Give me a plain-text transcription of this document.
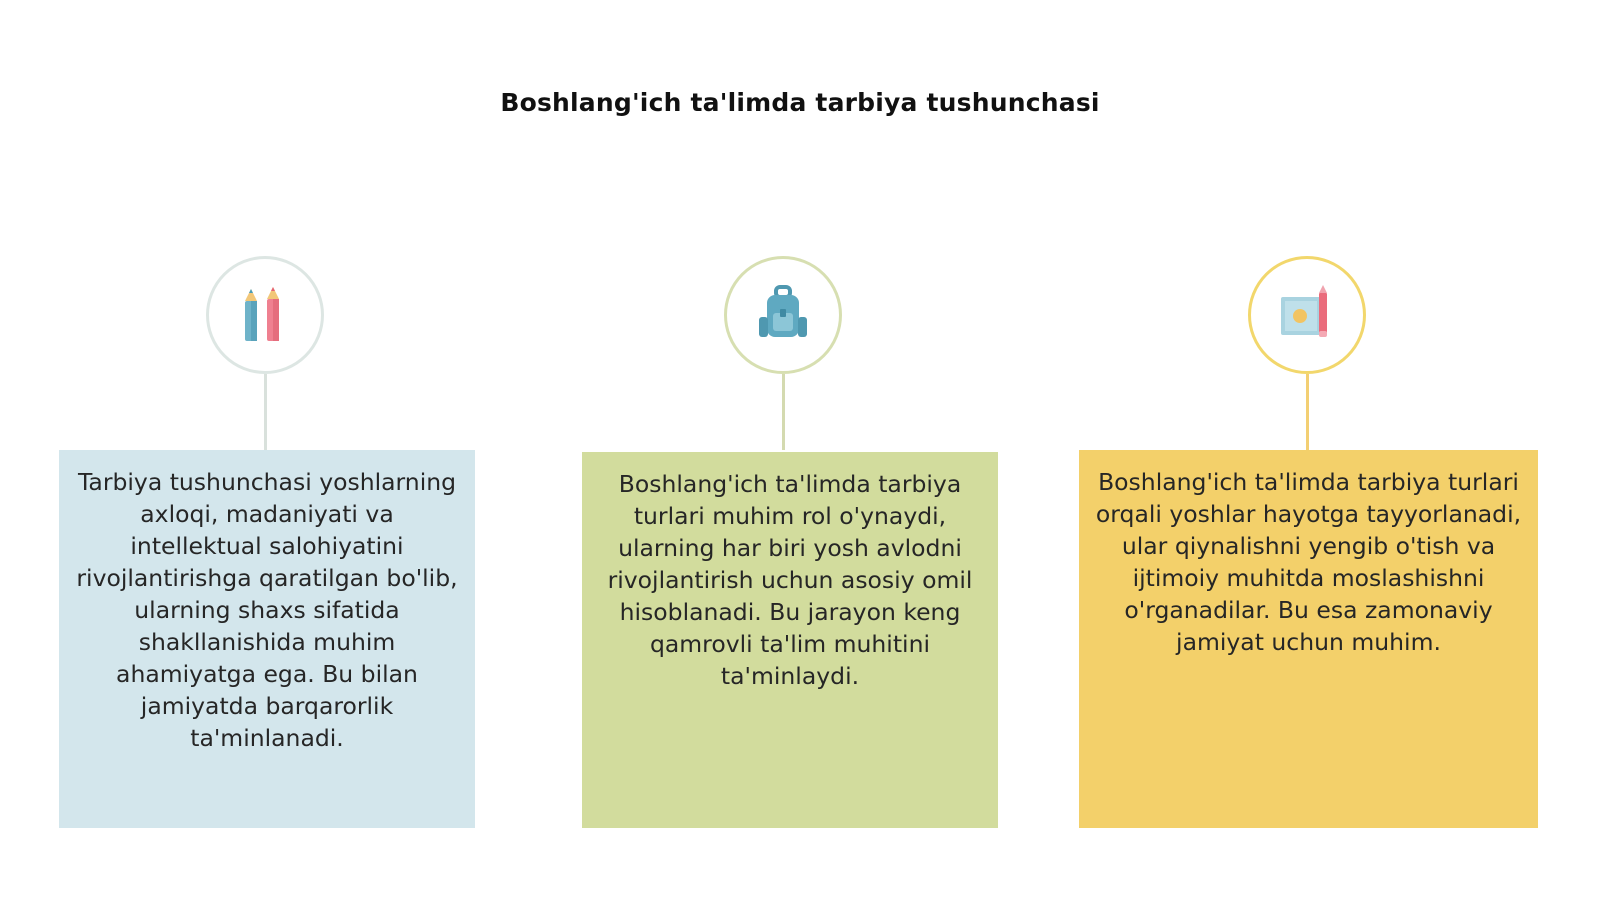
Boshlang'ich ta'limda tarbiya tushunchasi
Tarbiya tushunchasi yoshlarning axloqi, madaniyati va intellektual salohiyatini rivojlantirishga qaratilgan bo'lib, ularning shaxs sifatida shakllanishida muhim ahamiyatga ega. Bu bilan jamiyatda barqarorlik ta'minlanadi.
Boshlang'ich ta'limda tarbiya turlari muhim rol o'ynaydi, ularning har biri yosh avlodni rivojlantirish uchun asosiy omil hisoblanadi. Bu jarayon keng qamrovli ta'lim muhitini ta'minlaydi.
Boshlang'ich ta'limda tarbiya turlari orqali yoshlar hayotga tayyorlanadi, ular qiynalishni yengib o'tish va ijtimoiy muhitda moslashishni o'rganadilar. Bu esa zamonaviy jamiyat uchun muhim.
